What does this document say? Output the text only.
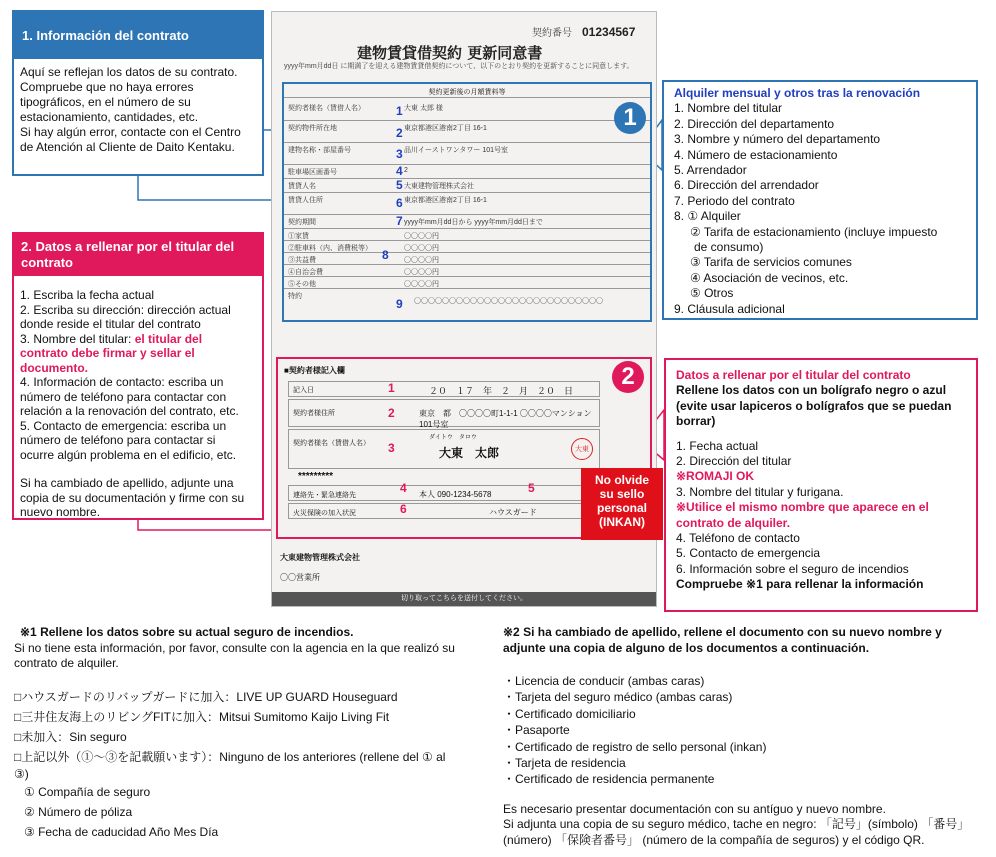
1. Información del contrato
Aquí se reflejan los datos de su contrato.
Compruebe que no haya errores
tipográficos, en el número de su
estacionamiento, cantidades, etc.
Si hay algún error, contacte con el Centro
de Atención al Cliente de Daito Kentaku.
2. Datos a rellenar por el titular del
contrato
1. Escriba la fecha actual
2. Escriba su dirección: dirección actual
donde reside el titular del contrato
3. Nombre del titular: el titular del
contrato debe firmar y sellar el
documento.
4. Información de contacto: escriba un
número de teléfono para contactar con
relación a la renovación del contrato, etc.
5. Contacto de emergencia: escriba un
número de teléfono para contactar si
ocurre algún problema en el edificio, etc.
Si ha cambiado de apellido, adjunte una
copia de su documentación y firme con su
nuevo nombre.
契約番号　 01234567
建物賃貸借契約 更新同意書
yyyy年mm月dd日 に期満了を迎える建物賃貸借契約について、以下のとおり契約を更新することに同意します。
契約更新後の月額賃料等
契約者様名（賃借人名）	大東 太郎 様
契約物件所在地	東京都港区港南2丁目 16-1
建物名称・部屋番号	品川イーストワンタワー 101号室
駐車場区画番号	2
賃貸人名	大東建物管理株式会社
賃貸人住所	東京都港区港南2丁目 16-1
契約期間	yyyy年mm月dd日から yyyy年mm月dd日まで
①家賃	〇〇〇〇円
②駐車料（内、消費税等）	〇〇〇〇円
③共益費	〇〇〇〇円
④自治会費	〇〇〇〇円
⑤その他	〇〇〇〇円
特約
〇〇〇〇〇〇〇〇〇〇〇〇〇〇〇〇〇〇〇〇〇〇〇〇〇〇〇
1
1
2
3
4
5
6
7
8
9
■契約者様記入欄	2
記入日	２０　１７　年　２　月　２０　日
1
契約者様住所	東京　都　〇〇〇〇町1-1-1 〇〇〇〇マンション101号室
2
契約者様名（賃借人名）
ダイトウ　タロウ
大東　太郎	大東
3
*********
連絡先・緊急連絡先	本人 090-1234-5678
4	5
火災保険の加入状況	ハウスガード
6
大東建物管理株式会社
〇〇営業所
切り取ってこちらを送付してください。
Alquiler mensual y otros tras la renovación
1. Nombre del titular
2. Dirección del departamento
3. Nombre y número del departamento
4. Número de estacionamiento
5. Arrendador
6. Dirección del arrendador
7. Periodo del contrato
8. ① Alquiler
② Tarifa de estacionamiento (incluye impuesto
de consumo)
③ Tarifa de servicios comunes
④ Asociación de vecinos, etc.
⑤ Otros
9. Cláusula adicional
Datos a rellenar por el titular del contrato
Rellene los datos con un bolígrafo negro o azul
(evite usar lapiceros o bolígrafos que se puedan
borrar)
1. Fecha actual
2. Dirección del titular
※ROMAJI OK
3. Nombre del titular y furigana.
※Utilice el mismo nombre que aparece en el
contrato de alquiler.
4. Teléfono de contacto
5. Contacto de emergencia
6. Información sobre el seguro de incendios
Compruebe ※1 para rellenar la información
No olvide
su sello
personal
(INKAN)
※1 Rellene los datos sobre su actual seguro de incendios.
Si no tiene esta información, por favor, consulte con la agencia en la que realizó su
contrato de alquiler.
□ハウスガードのリバップガードに加入：LIVE UP GUARD Houseguard
□三井住友海上のリビングFITに加入：Mitsui Sumitomo Kaijo Living Fit
□未加入：Sin seguro
□上記以外（①～③を記載願います）：Ninguno de los anteriores (rellene del ① al
③)
① Compañía de seguro
② Número de póliza
③ Fecha de caducidad Año Mes Día
※2 Si ha cambiado de apellido, rellene el documento con su nuevo nombre y
adjunte una copia de alguno de los documentos a continuación.
・Licencia de conducir (ambas caras)
・Tarjeta del seguro médico (ambas caras)
・Certificado domiciliario
・Pasaporte
・Certificado de registro de sello personal (inkan)
・Tarjeta de residencia
・Certificado de residencia permanente
Es necesario presentar documentación con su antíguo y nuevo nombre.
Si adjunta una copia de su seguro médico, tache en negro: 「記号」(símbolo) 「番号」
(número) 「保険者番号」 (número de la compañía de seguros) y el código QR.
